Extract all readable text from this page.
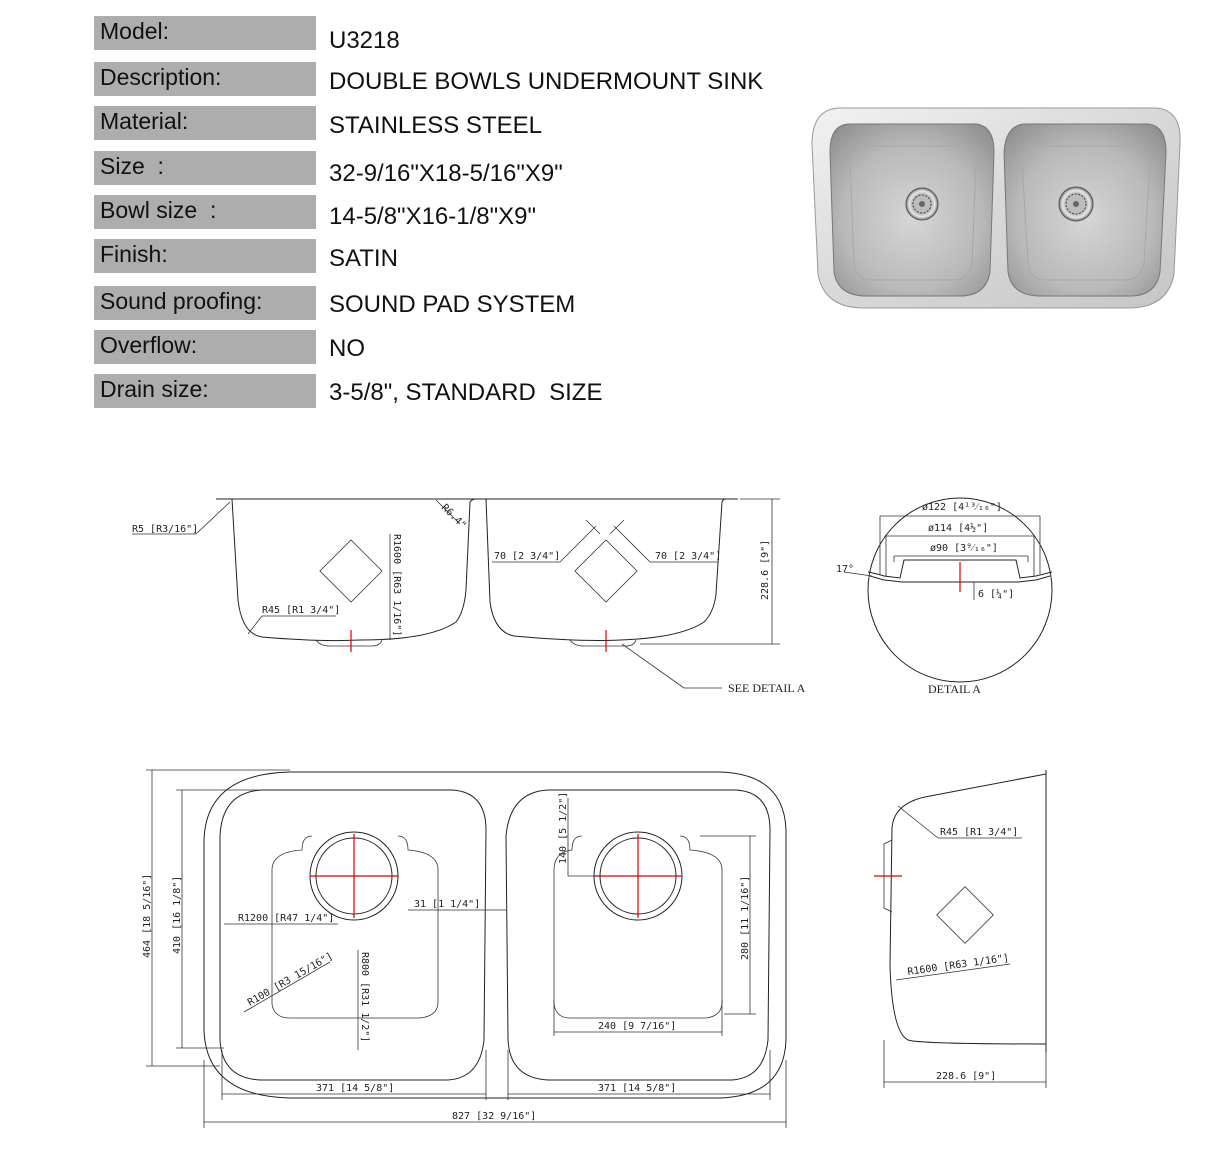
Model:	U3218
Description:	DOUBLE BOWLS UNDERMOUNT SINK
Material:	STAINLESS STEEL
Size  :	32-9/16"X18-5/16"X9"
Bowl size  :	14-5/8"X16-1/8"X9"
Finish:	SATIN
Sound proofing:	SOUND PAD SYSTEM
Overflow:	NO
Drain size:	3-5/8", STANDARD  SIZE
R5 [R3/16"]	R6.4"
R1600 [R63 1/16"]
R45 [R1 3/4"]
70 [2 3/4"]	70 [2 3/4"]	228.6 [9"]
SEE DETAIL A
ø122 [4¹³⁄₁₆"]
ø114 [4½"]
ø90 [3⁹⁄₁₆"]
17°
6 [¼"]
DETAIL A
464 [18 5/16"] 410 [16 1/8"]	R1200 [R47 1/4"]
31 [1 1/4"]
R800 [R31 1/2"]
R100 [R3 15/16"]
140 [5 1/2"]
280 [11 1/16"]
240 [9 7/16"]
371 [14 5/8"]	371 [14 5/8"]
827 [32 9/16"]
R45 [R1 3/4"]
R1600 [R63 1/16"]
228.6 [9"]
